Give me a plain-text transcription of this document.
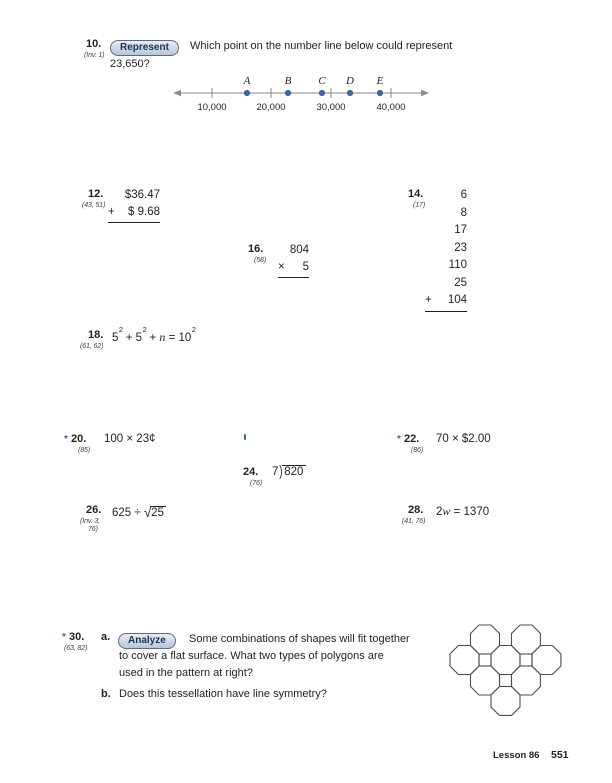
10.
(Inv. 1)
Represent	Which point on the number line below could represent
23,650?
10,000	20,000	30,000	40,000
A	B C D E
12.
(43, 51)
$36.47
+ $ 9.68
14.
(17)
6
8
17
23
110
25
+ 104
16.
(58)
804
× 5
18.
(61, 62)
$5^2 + 5^2 + n = 10^2$
* 20.
(85)
100 × 23¢	* 22.
(86)
70 × $2.00
24.
(76)
7)820
26.
(Inv. 3,
76)
625 ÷ √25	28.
(41, 76)
2w = 1370
* 30.
(63, 82)
a.	Analyze	Some combinations of shapes will fit together
to cover a flat surface. What two types of polygons are
used in the pattern at right?
b. Does this tessellation have line symmetry?
Lesson 86 551
